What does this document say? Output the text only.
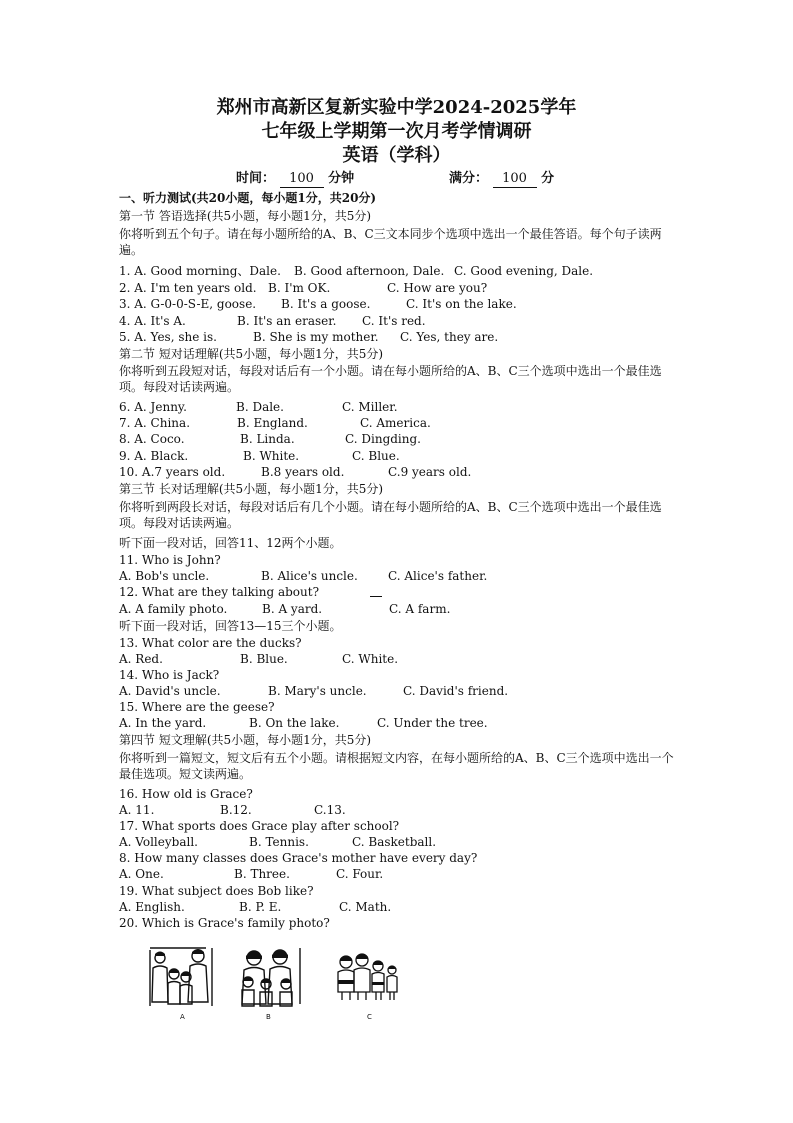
郑州市高新区复新实验中学2024-2025学年
七年级上学期第一次月考学情调研
英语（学科）
时间： 100 分钟	满分： 100 分
一、听力测试(共20小题，每小题1分，共20分)
第一节 答语选择(共5小题，每小题1分，共5分)
你将听到五个句子。请在每小题所给的A、B、C三文本同步个选项中选出一个最佳答语。每个句子读两遍。
1. A. Good morning、Dale. B. Good afternoon, Dale. C. Good evening, Dale.
2. A. I'm ten years old. B. I'm OK.	C. How are you?
3. A. G-0-0-S-E, goose. B. It's a goose.	C. It's on the lake.
4. A. It's A.	B. It's an eraser. C. It's red.
5. A. Yes, she is.	B. She is my mother. C. Yes, they are.
第二节 短对话理解(共5小题，每小题1分，共5分)
你将听到五段短对话，每段对话后有一个小题。请在每小题所给的A、B、C三个选项中选出一个最佳选项。每段对话读两遍。
6. A. Jenny.	B. Dale.	C. Miller.
7. A. China.	B. England.	C. America.
8. A. Coco.	B. Linda.	C. Dingding.
9. A. Black.	B. White.	C. Blue.
10. A.7 years old.	B.8 years old.	C.9 years old.
第三节 长对话理解(共5小题，每小题1分，共5分)
你将听到两段长对话，每段对话后有几个小题。请在每小题所给的A、B、C三个选项中选出一个最佳选项。每段对话读两遍。
听下面一段对话，回答11、12两个小题。
11. Who is John?
A. Bob's uncle.	B. Alice's uncle.	C. Alice's father.
12. What are they talking about?
A. A family photo.	B. A yard.	C. A farm.
听下面一段对话，回答13—15三个小题。
13. What color are the ducks?
A. Red.	B. Blue.	C. White.
14. Who is Jack?
A. David's uncle.	B. Mary's uncle.	C. David's friend.
15. Where are the geese?
A. In the yard.	B. On the lake.	C. Under the tree.
第四节 短文理解(共5小题，每小题1分，共5分)
你将听到一篇短文，短文后有五个小题。请根据短文内容，在每小题所给的A、B、C三个选项中选出一个最佳选项。短文读两遍。
16. How old is Grace?
A. 11.	B.12.	C.13.
17. What sports does Grace play after school?
A. Volleyball.	B. Tennis.	C. Basketball.
8. How many classes does Grace's mother have every day?
A. One.	B. Three.	C. Four.
19. What subject does Bob like?
A. English.	B. P. E.	C. Math.
20. Which is Grace's family photo?
A	B	C
